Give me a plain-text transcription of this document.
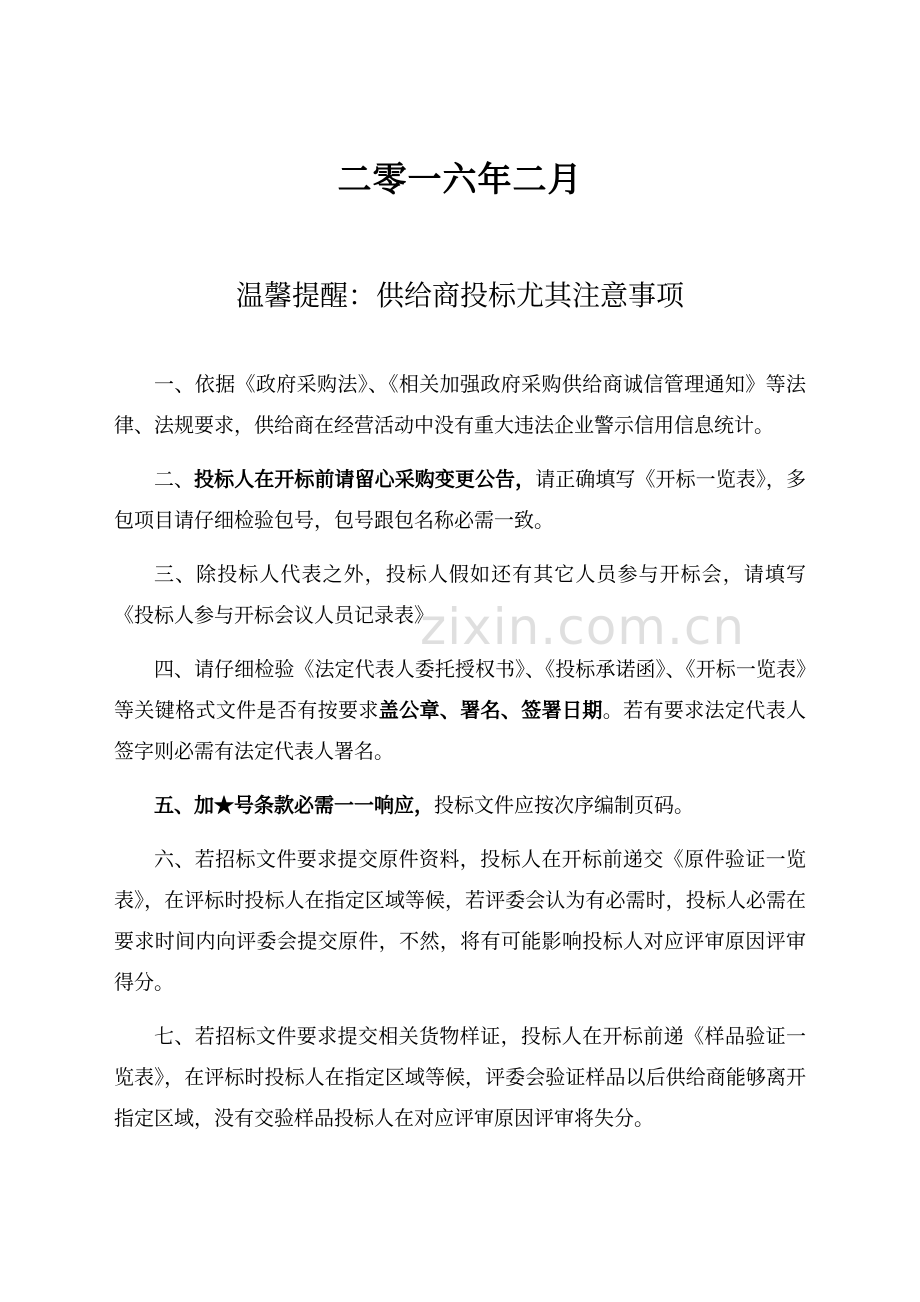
二零一六年二月
温馨提醒：供给商投标尤其注意事项

一、依据《政府采购法》、《相关加强政府采购供给商诚信管理通知》等法律、法规要求，供给商在经营活动中没有重大违法企业警示信用信息统计。

二、投标人在开标前请留心采购变更公告，请正确填写《开标一览表》，多包项目请仔细检验包号，包号跟包名称必需一致。

三、除投标人代表之外，投标人假如还有其它人员参与开标会，请填写《投标人参与开标会议人员记录表》

四、请仔细检验《法定代表人委托授权书》、《投标承诺函》、《开标一览表》等关键格式文件是否有按要求盖公章、署名、签署日期。若有要求法定代表人签字则必需有法定代表人署名。

五、加★号条款必需一一响应，投标文件应按次序编制页码。

六、若招标文件要求提交原件资料，投标人在开标前递交《原件验证一览表》，在评标时投标人在指定区域等候，若评委会认为有必需时，投标人必需在要求时间内向评委会提交原件，不然，将有可能影响投标人对应评审原因评审得分。

七、若招标文件要求提交相关货物样证，投标人在开标前递《样品验证一览表》，在评标时投标人在指定区域等候，评委会验证样品以后供给商能够离开指定区域，没有交验样品投标人在对应评审原因评审将失分。

zixin.com.cn
